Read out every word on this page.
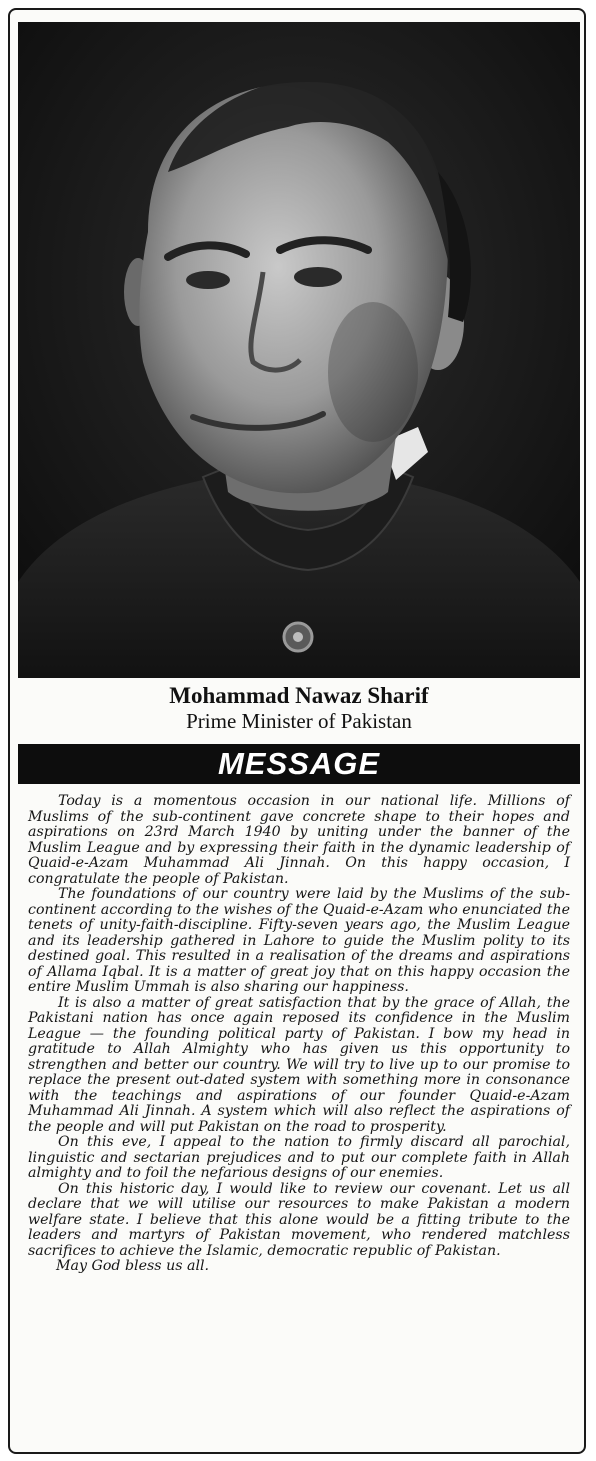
Mohammad Nawaz Sharif
Prime Minister of Pakistan
MESSAGE

Today is a momentous occasion in our national life. Millions of Muslims of the sub-continent gave concrete shape to their hopes and aspirations on 23rd March 1940 by uniting under the banner of the Muslim League and by expressing their faith in the dynamic leadership of Quaid-e-Azam Muhammad Ali Jinnah. On this happy occasion, I congratulate the people of Pakistan.

The foundations of our country were laid by the Muslims of the sub-continent according to the wishes of the Quaid-e-Azam who enunciated the tenets of unity-faith-discipline. Fifty-seven years ago, the Muslim League and its leadership gathered in Lahore to guide the Muslim polity to its destined goal. This resulted in a realisation of the dreams and aspirations of Allama Iqbal. It is a matter of great joy that on this happy occasion the entire Muslim Ummah is also sharing our happiness.

It is also a matter of great satisfaction that by the grace of Allah, the Pakistani nation has once again reposed its confidence in the Muslim League — the founding political party of Pakistan. I bow my head in gratitude to Allah Almighty who has given us this opportunity to strengthen and better our country. We will try to live up to our promise to replace the present out-dated system with something more in consonance with the teachings and aspirations of our founder Quaid-e-Azam Muhammad Ali Jinnah. A system which will also reflect the aspirations of the people and will put Pakistan on the road to prosperity.

On this eve, I appeal to the nation to firmly discard all parochial, linguistic and sectarian prejudices and to put our complete faith in Allah almighty and to foil the nefarious designs of our enemies.

On this historic day, I would like to review our covenant. Let us all declare that we will utilise our resources to make Pakistan a modern welfare state. I believe that this alone would be a fitting tribute to the leaders and martyrs of Pakistan movement, who rendered matchless sacrifices to achieve the Islamic, democratic republic of Pakistan.

May God bless us all.
